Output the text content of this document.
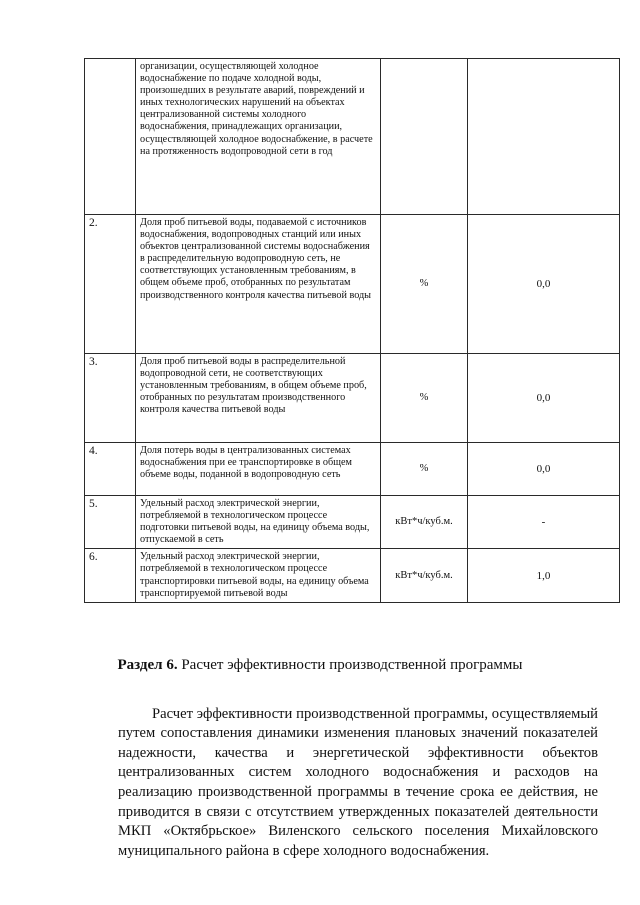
	организации, осуществляющей холодное водоснабжение по подаче холодной воды, произошедших в результате аварий, повреждений и иных технологических нарушений на объектах централизованной системы холодного водоснабжения, принадлежащих организации, осуществляющей холодное водоснабжение, в расчете на протяженность водопроводной сети в год		
2.	Доля проб питьевой воды, подаваемой с источников водоснабжения, водопроводных станций или иных объектов централизованной системы водоснабжения в распределительную водопроводную сеть, не соответствующих установленным требованиям, в общем объеме проб, отобранных по результатам производственного контроля качества питьевой воды	%	0,0
3.	Доля проб питьевой воды в распределительной водопроводной сети, не соответствующих установленным требованиям, в общем объеме проб, отобранных по результатам производственного контроля качества питьевой воды	%	0,0
4.	Доля потерь воды в централизованных системах водоснабжения при ее транспортировке в общем объеме воды, поданной в водопроводную сеть	%	0,0
5.	Удельный расход электрической энергии, потребляемой в технологическом процессе подготовки питьевой воды, на единицу объема воды, отпускаемой в сеть	кВт*ч/куб.м.	-
6.	Удельный расход электрической энергии, потребляемой в технологическом процессе транспортировки питьевой воды, на единицу объема транспортируемой питьевой воды	кВт*ч/куб.м.	1,0
Раздел 6. Расчет эффективности производственной программы

Расчет эффективности производственной программы, осуществляемый путем сопоставления динамики изменения плановых значений показателей надежности, качества и энергетической эффективности объектов централизованных систем холодного водоснабжения и расходов на реализацию производственной программы в течение срока ее действия, не приводится в связи с отсутствием утвержденных показателей деятельности МКП «Октябрьское» Виленского сельского поселения Михайловского муниципального района в сфере холодного водоснабжения.
